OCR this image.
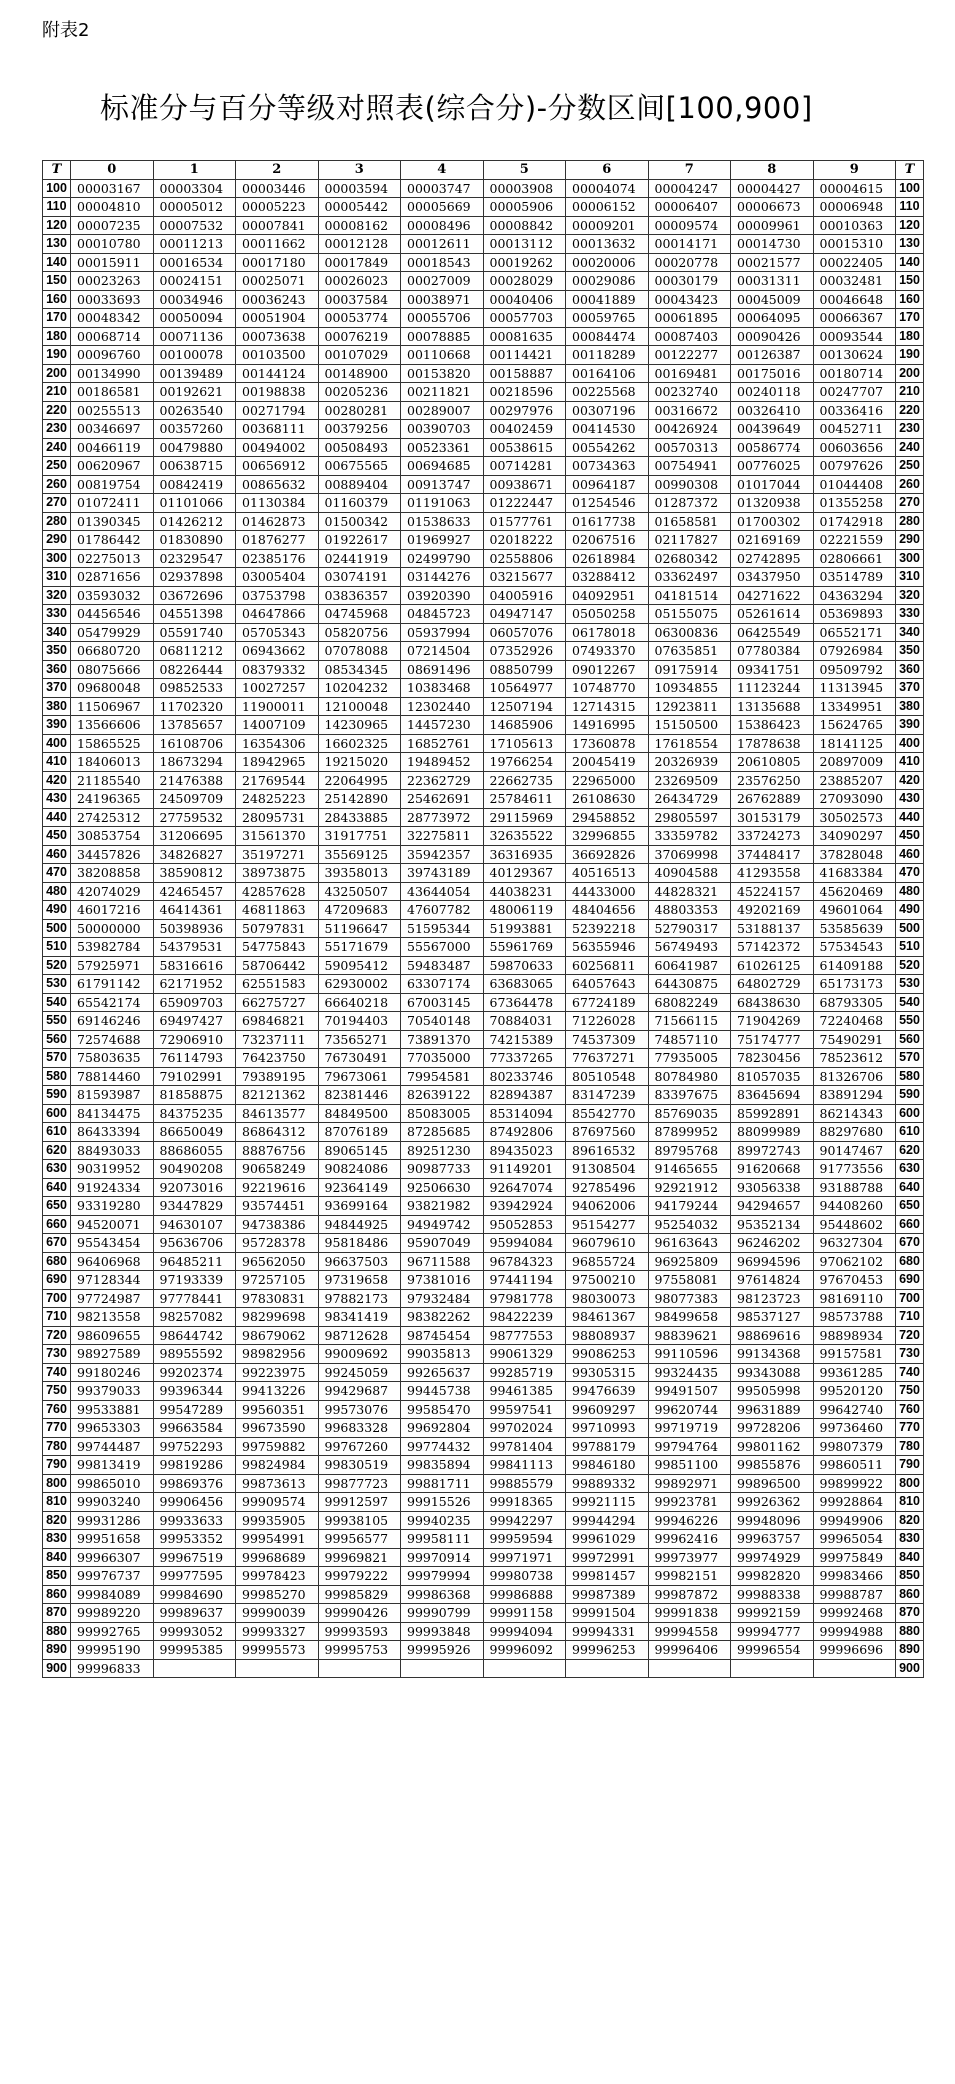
附表2
标准分与百分等级对照表(综合分)-分数区间[100,900]
T	0	1	2	3	4	5	6	7	8	9	T
100	00003167	00003304	00003446	00003594	00003747	00003908	00004074	00004247	00004427	00004615	100
110	00004810	00005012	00005223	00005442	00005669	00005906	00006152	00006407	00006673	00006948	110
120	00007235	00007532	00007841	00008162	00008496	00008842	00009201	00009574	00009961	00010363	120
130	00010780	00011213	00011662	00012128	00012611	00013112	00013632	00014171	00014730	00015310	130
140	00015911	00016534	00017180	00017849	00018543	00019262	00020006	00020778	00021577	00022405	140
150	00023263	00024151	00025071	00026023	00027009	00028029	00029086	00030179	00031311	00032481	150
160	00033693	00034946	00036243	00037584	00038971	00040406	00041889	00043423	00045009	00046648	160
170	00048342	00050094	00051904	00053774	00055706	00057703	00059765	00061895	00064095	00066367	170
180	00068714	00071136	00073638	00076219	00078885	00081635	00084474	00087403	00090426	00093544	180
190	00096760	00100078	00103500	00107029	00110668	00114421	00118289	00122277	00126387	00130624	190
200	00134990	00139489	00144124	00148900	00153820	00158887	00164106	00169481	00175016	00180714	200
210	00186581	00192621	00198838	00205236	00211821	00218596	00225568	00232740	00240118	00247707	210
220	00255513	00263540	00271794	00280281	00289007	00297976	00307196	00316672	00326410	00336416	220
230	00346697	00357260	00368111	00379256	00390703	00402459	00414530	00426924	00439649	00452711	230
240	00466119	00479880	00494002	00508493	00523361	00538615	00554262	00570313	00586774	00603656	240
250	00620967	00638715	00656912	00675565	00694685	00714281	00734363	00754941	00776025	00797626	250
260	00819754	00842419	00865632	00889404	00913747	00938671	00964187	00990308	01017044	01044408	260
270	01072411	01101066	01130384	01160379	01191063	01222447	01254546	01287372	01320938	01355258	270
280	01390345	01426212	01462873	01500342	01538633	01577761	01617738	01658581	01700302	01742918	280
290	01786442	01830890	01876277	01922617	01969927	02018222	02067516	02117827	02169169	02221559	290
300	02275013	02329547	02385176	02441919	02499790	02558806	02618984	02680342	02742895	02806661	300
310	02871656	02937898	03005404	03074191	03144276	03215677	03288412	03362497	03437950	03514789	310
320	03593032	03672696	03753798	03836357	03920390	04005916	04092951	04181514	04271622	04363294	320
330	04456546	04551398	04647866	04745968	04845723	04947147	05050258	05155075	05261614	05369893	330
340	05479929	05591740	05705343	05820756	05937994	06057076	06178018	06300836	06425549	06552171	340
350	06680720	06811212	06943662	07078088	07214504	07352926	07493370	07635851	07780384	07926984	350
360	08075666	08226444	08379332	08534345	08691496	08850799	09012267	09175914	09341751	09509792	360
370	09680048	09852533	10027257	10204232	10383468	10564977	10748770	10934855	11123244	11313945	370
380	11506967	11702320	11900011	12100048	12302440	12507194	12714315	12923811	13135688	13349951	380
390	13566606	13785657	14007109	14230965	14457230	14685906	14916995	15150500	15386423	15624765	390
400	15865525	16108706	16354306	16602325	16852761	17105613	17360878	17618554	17878638	18141125	400
410	18406013	18673294	18942965	19215020	19489452	19766254	20045419	20326939	20610805	20897009	410
420	21185540	21476388	21769544	22064995	22362729	22662735	22965000	23269509	23576250	23885207	420
430	24196365	24509709	24825223	25142890	25462691	25784611	26108630	26434729	26762889	27093090	430
440	27425312	27759532	28095731	28433885	28773972	29115969	29458852	29805597	30153179	30502573	440
450	30853754	31206695	31561370	31917751	32275811	32635522	32996855	33359782	33724273	34090297	450
460	34457826	34826827	35197271	35569125	35942357	36316935	36692826	37069998	37448417	37828048	460
470	38208858	38590812	38973875	39358013	39743189	40129367	40516513	40904588	41293558	41683384	470
480	42074029	42465457	42857628	43250507	43644054	44038231	44433000	44828321	45224157	45620469	480
490	46017216	46414361	46811863	47209683	47607782	48006119	48404656	48803353	49202169	49601064	490
500	50000000	50398936	50797831	51196647	51595344	51993881	52392218	52790317	53188137	53585639	500
510	53982784	54379531	54775843	55171679	55567000	55961769	56355946	56749493	57142372	57534543	510
520	57925971	58316616	58706442	59095412	59483487	59870633	60256811	60641987	61026125	61409188	520
530	61791142	62171952	62551583	62930002	63307174	63683065	64057643	64430875	64802729	65173173	530
540	65542174	65909703	66275727	66640218	67003145	67364478	67724189	68082249	68438630	68793305	540
550	69146246	69497427	69846821	70194403	70540148	70884031	71226028	71566115	71904269	72240468	550
560	72574688	72906910	73237111	73565271	73891370	74215389	74537309	74857110	75174777	75490291	560
570	75803635	76114793	76423750	76730491	77035000	77337265	77637271	77935005	78230456	78523612	570
580	78814460	79102991	79389195	79673061	79954581	80233746	80510548	80784980	81057035	81326706	580
590	81593987	81858875	82121362	82381446	82639122	82894387	83147239	83397675	83645694	83891294	590
600	84134475	84375235	84613577	84849500	85083005	85314094	85542770	85769035	85992891	86214343	600
610	86433394	86650049	86864312	87076189	87285685	87492806	87697560	87899952	88099989	88297680	610
620	88493033	88686055	88876756	89065145	89251230	89435023	89616532	89795768	89972743	90147467	620
630	90319952	90490208	90658249	90824086	90987733	91149201	91308504	91465655	91620668	91773556	630
640	91924334	92073016	92219616	92364149	92506630	92647074	92785496	92921912	93056338	93188788	640
650	93319280	93447829	93574451	93699164	93821982	93942924	94062006	94179244	94294657	94408260	650
660	94520071	94630107	94738386	94844925	94949742	95052853	95154277	95254032	95352134	95448602	660
670	95543454	95636706	95728378	95818486	95907049	95994084	96079610	96163643	96246202	96327304	670
680	96406968	96485211	96562050	96637503	96711588	96784323	96855724	96925809	96994596	97062102	680
690	97128344	97193339	97257105	97319658	97381016	97441194	97500210	97558081	97614824	97670453	690
700	97724987	97778441	97830831	97882173	97932484	97981778	98030073	98077383	98123723	98169110	700
710	98213558	98257082	98299698	98341419	98382262	98422239	98461367	98499658	98537127	98573788	710
720	98609655	98644742	98679062	98712628	98745454	98777553	98808937	98839621	98869616	98898934	720
730	98927589	98955592	98982956	99009692	99035813	99061329	99086253	99110596	99134368	99157581	730
740	99180246	99202374	99223975	99245059	99265637	99285719	99305315	99324435	99343088	99361285	740
750	99379033	99396344	99413226	99429687	99445738	99461385	99476639	99491507	99505998	99520120	750
760	99533881	99547289	99560351	99573076	99585470	99597541	99609297	99620744	99631889	99642740	760
770	99653303	99663584	99673590	99683328	99692804	99702024	99710993	99719719	99728206	99736460	770
780	99744487	99752293	99759882	99767260	99774432	99781404	99788179	99794764	99801162	99807379	780
790	99813419	99819286	99824984	99830519	99835894	99841113	99846180	99851100	99855876	99860511	790
800	99865010	99869376	99873613	99877723	99881711	99885579	99889332	99892971	99896500	99899922	800
810	99903240	99906456	99909574	99912597	99915526	99918365	99921115	99923781	99926362	99928864	810
820	99931286	99933633	99935905	99938105	99940235	99942297	99944294	99946226	99948096	99949906	820
830	99951658	99953352	99954991	99956577	99958111	99959594	99961029	99962416	99963757	99965054	830
840	99966307	99967519	99968689	99969821	99970914	99971971	99972991	99973977	99974929	99975849	840
850	99976737	99977595	99978423	99979222	99979994	99980738	99981457	99982151	99982820	99983466	850
860	99984089	99984690	99985270	99985829	99986368	99986888	99987389	99987872	99988338	99988787	860
870	99989220	99989637	99990039	99990426	99990799	99991158	99991504	99991838	99992159	99992468	870
880	99992765	99993052	99993327	99993593	99993848	99994094	99994331	99994558	99994777	99994988	880
890	99995190	99995385	99995573	99995753	99995926	99996092	99996253	99996406	99996554	99996696	890
900	99996833										900
